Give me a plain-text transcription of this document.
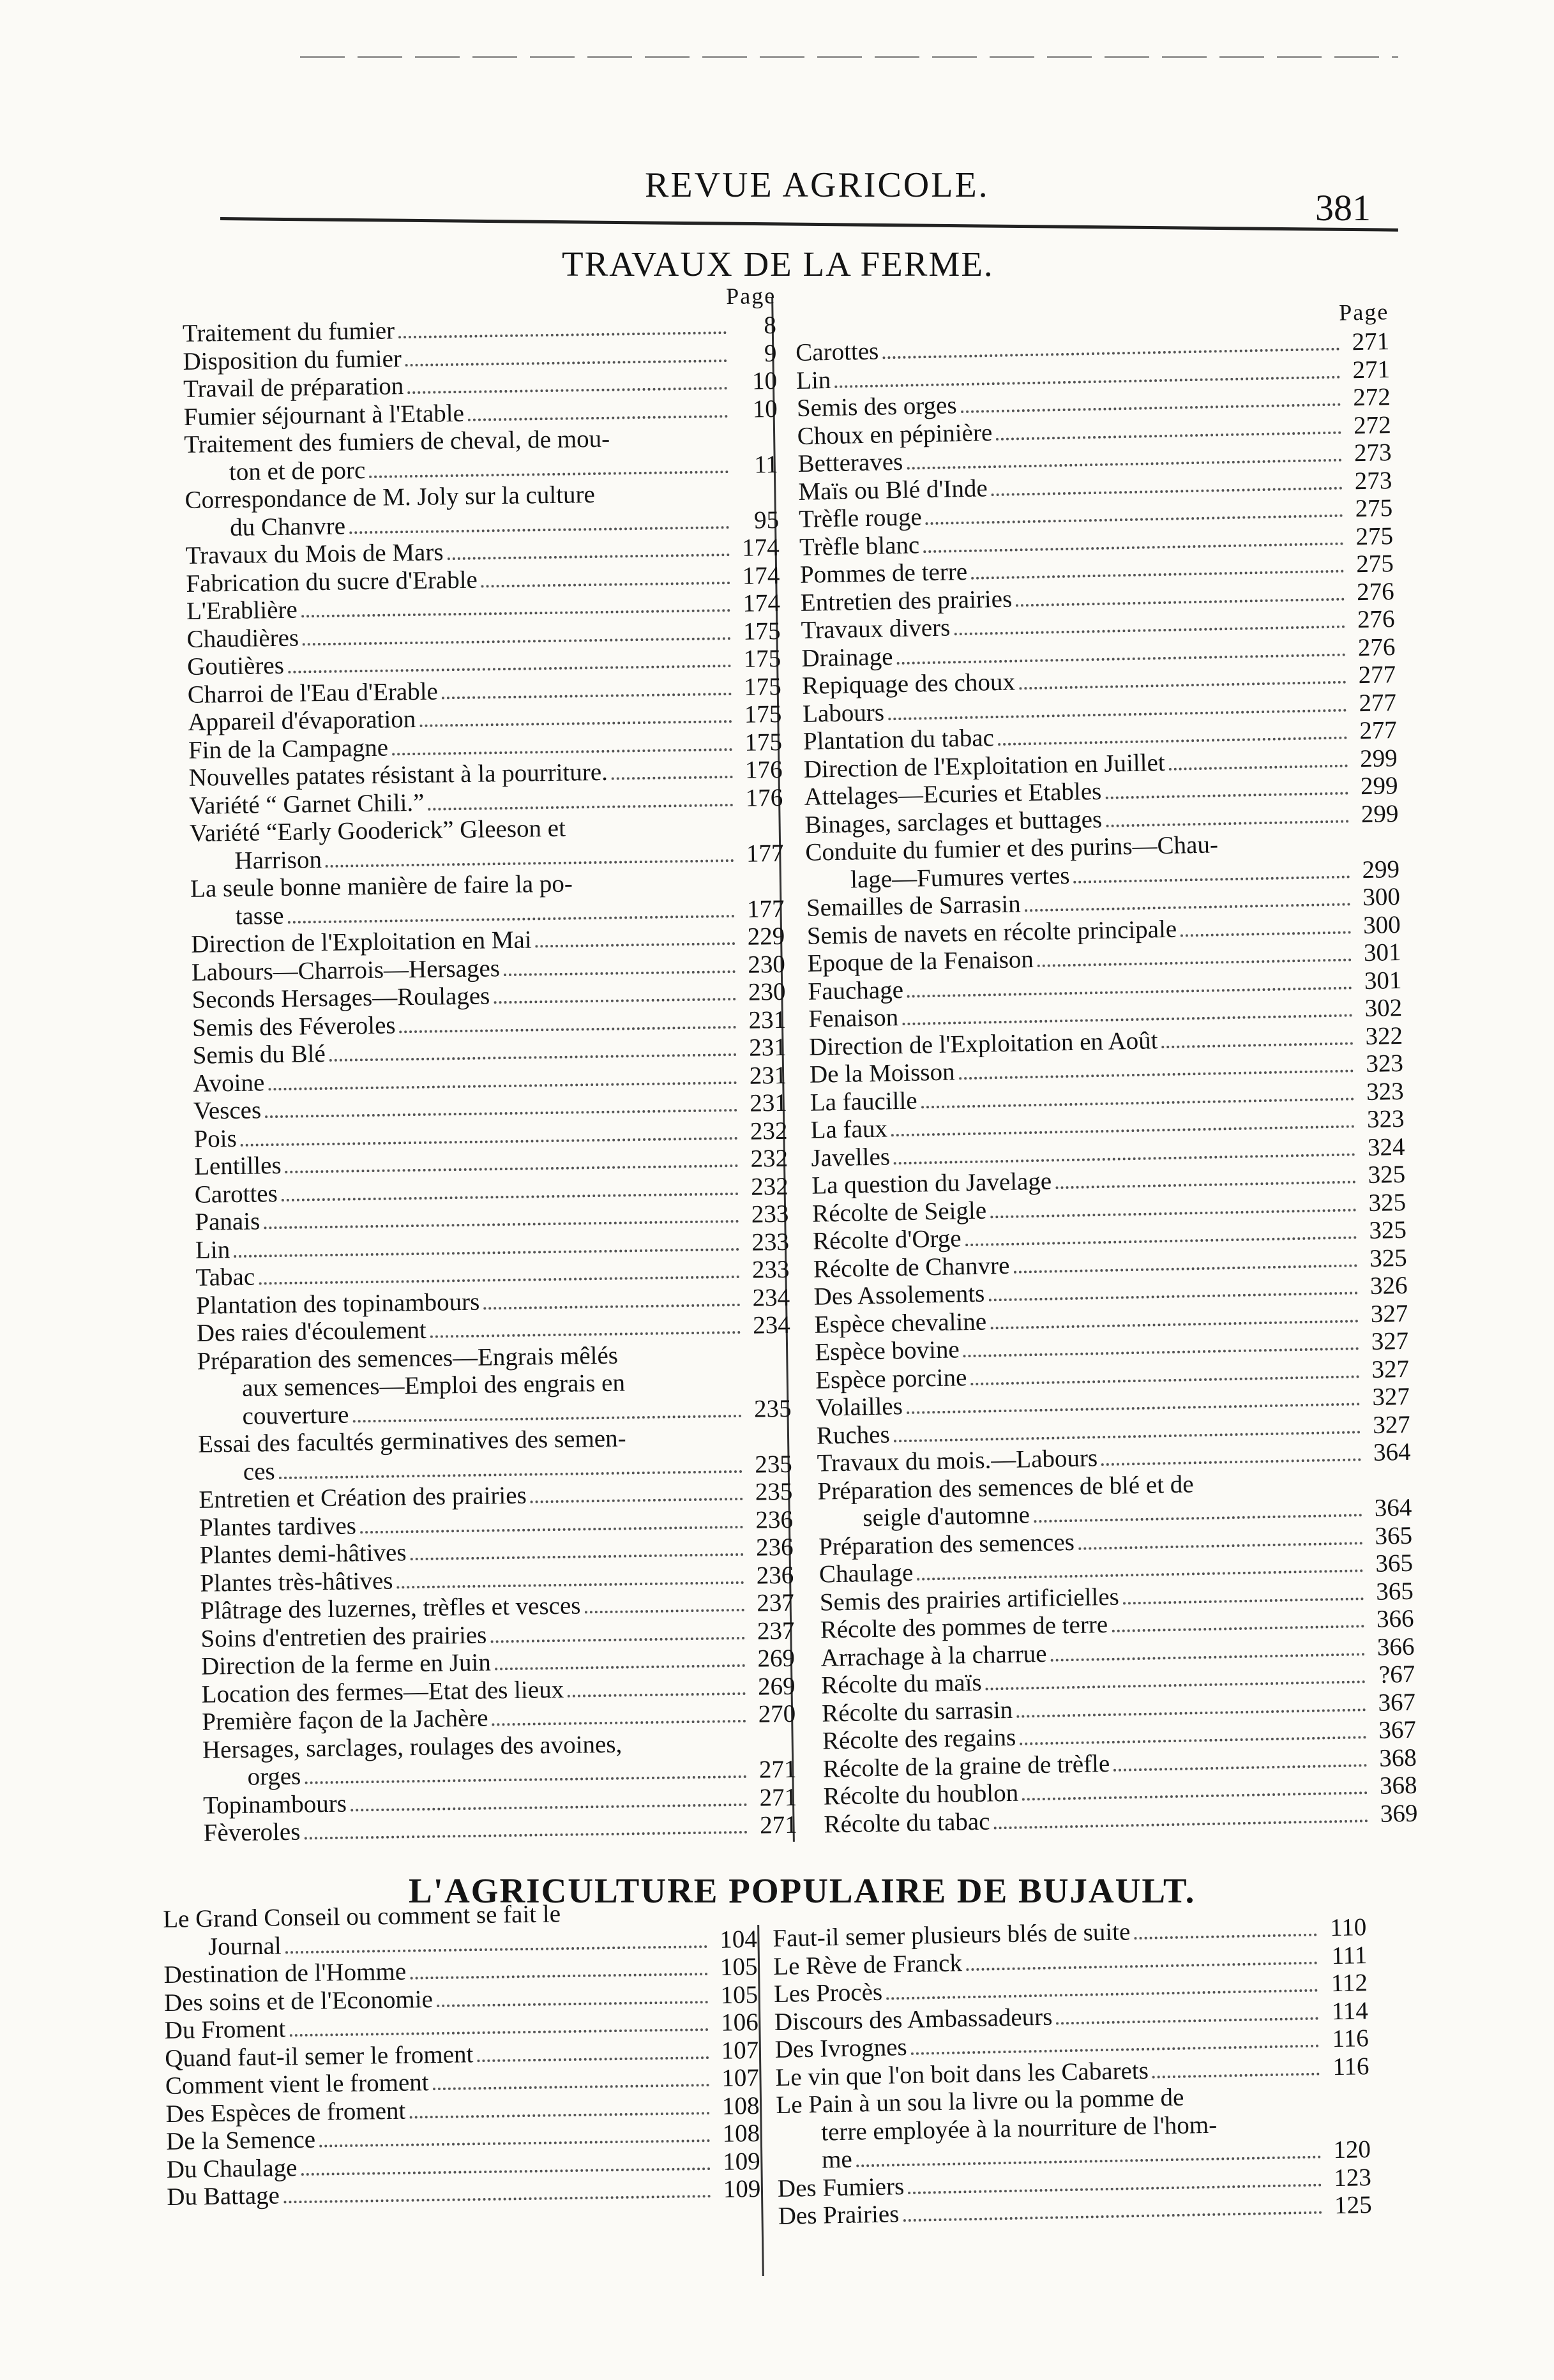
REVUE AGRICOLE.
381
TRAVAUX DE LA FERME.
Page
Traitement du fumier	8
Disposition du fumier	9
Travail de préparation	10
Fumier séjournant à l'Etable	10
Traitement des fumiers de cheval, de mou-
ton et de porc	11
Correspondance de M. Joly sur la culture
du Chanvre	95
Travaux du Mois de Mars	174
Fabrication du sucre d'Erable	174
L'Erablière	174
Chaudières	175
Goutières	175
Charroi de l'Eau d'Erable	175
Appareil d'évaporation	175
Fin de la Campagne	175
Nouvelles patates résistant à la pourriture.	176
Variété “ Garnet Chili.”	176
Variété “Early Gooderick” Gleeson et
Harrison	177
La seule bonne manière de faire la po-
tasse	177
Direction de l'Exploitation en Mai	229
Labours—Charrois—Hersages	230
Seconds Hersages—Roulages	230
Semis des Féveroles	231
Semis du Blé	231
Avoine	231
Vesces	231
Pois	232
Lentilles	232
Carottes	232
Panais	233
Lin	233
Tabac	233
Plantation des topinambours	234
Des raies d'écoulement	234
Préparation des semences—Engrais mêlés
aux semences—Emploi des engrais en
couverture	235
Essai des facultés germinatives des semen-
ces	235
Entretien et Création des prairies	235
Plantes tardives	236
Plantes demi-hâtives	236
Plantes très-hâtives	236
Plâtrage des luzernes, trèfles et vesces	237
Soins d'entretien des prairies	237
Direction de la ferme en Juin	269
Location des fermes—Etat des lieux	269
Première façon de la Jachère	270
Hersages, sarclages, roulages des avoines,
orges	271
Topinambours	271
Fèveroles	271
Page
Carottes	271
Lin	271
Semis des orges	272
Choux en pépinière	272
Betteraves	273
Maïs ou Blé d'Inde	273
Trèfle rouge	275
Trèfle blanc	275
Pommes de terre	275
Entretien des prairies	276
Travaux divers	276
Drainage	276
Repiquage des choux	277
Labours	277
Plantation du tabac	277
Direction de l'Exploitation en Juillet	299
Attelages—Ecuries et Etables	299
Binages, sarclages et buttages	299
Conduite du fumier et des purins—Chau-
lage—Fumures vertes	299
Semailles de Sarrasin	300
Semis de navets en récolte principale	300
Epoque de la Fenaison	301
Fauchage	301
Fenaison	302
Direction de l'Exploitation en Août	322
De la Moisson	323
La faucille	323
La faux	323
Javelles	324
La question du Javelage	325
Récolte de Seigle	325
Récolte d'Orge	325
Récolte de Chanvre	325
Des Assolements	326
Espèce chevaline	327
Espèce bovine	327
Espèce porcine	327
Volailles	327
Ruches	327
Travaux du mois.—Labours	364
Préparation des semences de blé et de
seigle d'automne	364
Préparation des semences	365
Chaulage	365
Semis des prairies artificielles	365
Récolte des pommes de terre	366
Arrachage à la charrue	366
Récolte du maïs	?67
Récolte du sarrasin	367
Récolte des regains	367
Récolte de la graine de trèfle	368
Récolte du houblon	368
Récolte du tabac	369
L'AGRICULTURE POPULAIRE DE BUJAULT.
Le Grand Conseil ou comment se fait le
Journal	104
Destination de l'Homme	105
Des soins et de l'Economie	105
Du Froment	106
Quand faut-il semer le froment	107
Comment vient le froment	107
Des Espèces de froment	108
De la Semence	108
Du Chaulage	109
Du Battage	109
Faut-il semer plusieurs blés de suite	110
Le Rève de Franck	111
Les Procès	112
Discours des Ambassadeurs	114
Des Ivrognes	116
Le vin que l'on boit dans les Cabarets	116
Le Pain à un sou la livre ou la pomme de
terre employée à la nourriture de l'hom-
me	120
Des Fumiers	123
Des Prairies	125
